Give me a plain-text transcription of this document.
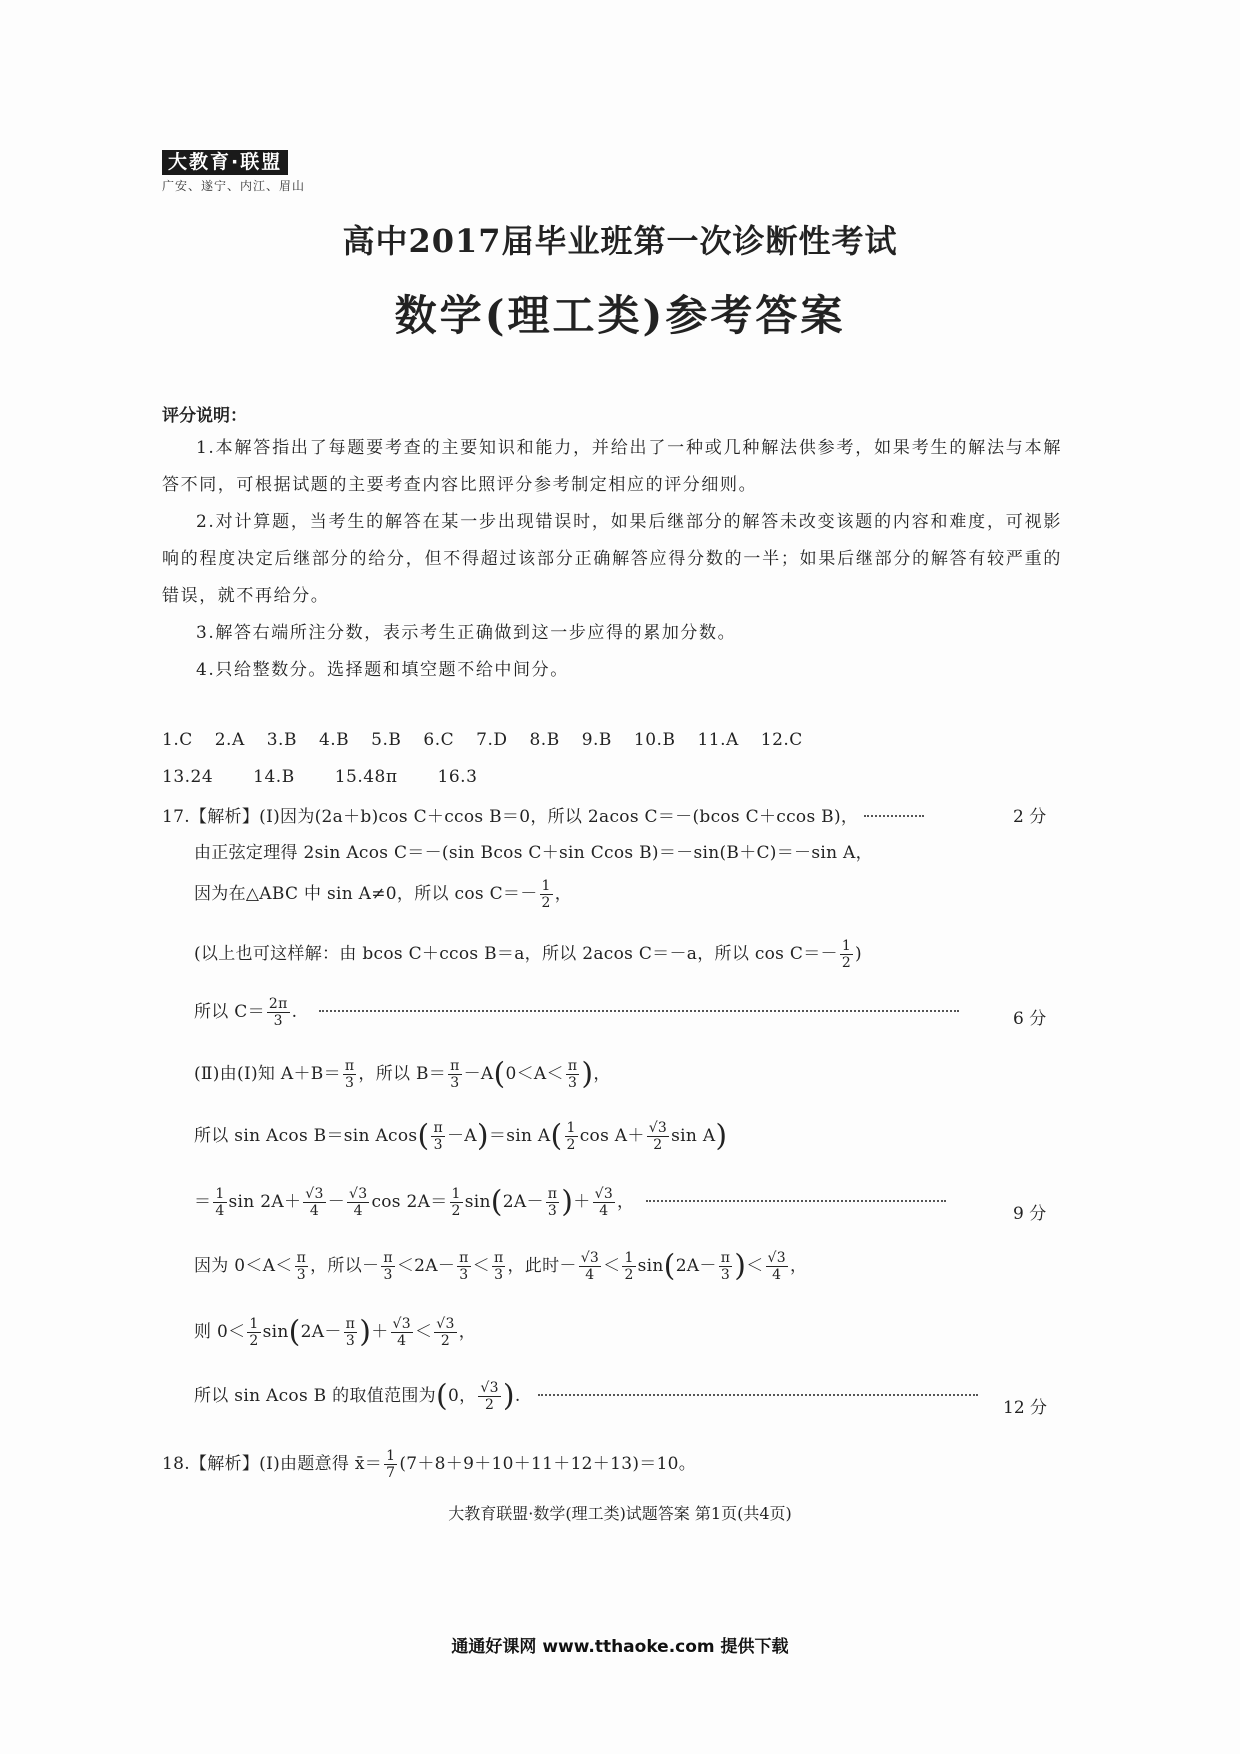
大教育·联盟
广安、遂宁、内江、眉山
高中2017届毕业班第一次诊断性考试
数学(理工类)参考答案
评分说明：
1.本解答指出了每题要考查的主要知识和能力，并给出了一种或几种解法供参考，如果考生的解法与本解答不同，可根据试题的主要考查内容比照评分参考制定相应的评分细则。
2.对计算题，当考生的解答在某一步出现错误时，如果后继部分的解答未改变该题的内容和难度，可视影响的程度决定后继部分的给分，但不得超过该部分正确解答应得分数的一半；如果后继部分的解答有较严重的错误，就不再给分。
3.解答右端所注分数，表示考生正确做到这一步应得的累加分数。
4.只给整数分。选择题和填空题不给中间分。
1.C 2.A 3.B 4.B 5.B 6.C 7.D 8.B 9.B 10.B 11.A 12.C
13.24 14.B 15.48π 16.3
17.【解析】(Ⅰ)因为(2a＋b)cos C＋ccos B＝0，所以 2acos C＝－(bcos C＋ccos B)，	2 分
由正弦定理得 2sin Acos C＝－(sin Bcos C＋sin Ccos B)＝－sin(B＋C)＝－sin A，
因为在△ABC 中 sin A≠0，所以 $\cos C=- \frac{1}{2}$ ，
(以上也可这样解：由 bcos C＋ccos B＝a，所以 2acos C＝－a，所以 $\cos C=- \frac{1}{2}$ )
所以 $C= \frac{2\pi}{3}$ .	6 分
(Ⅱ)由(Ⅰ)知 $A+B= \frac{\pi}{3}$ ，所以 $B= \frac{\pi}{3} -A(0<A< \frac{\pi}{3}$ )，
所以 sin Acos B＝sin $Acos( \frac{\pi}{3} -A)=\sin$ $A( \frac{1}{2}$ $\cos A+ \frac{√3}{2}$ sin A)
＝ $\frac{1}{4}$ $\sin 2A+ \frac{√3}{4} - \frac{√3}{4}$ $\cos 2A= \frac{1}{2} \sin(2A- \frac{\pi}{3}$ )＋ $\frac{√3}{4}$ ，
9 分
因为 $0<A< \frac{\pi}{3}$ ，所以－ $\frac{\pi}{3} <2A- \frac{\pi}{3} < \frac{\pi}{3}$ ，此时－ $\frac{√3}{4} < \frac{1}{2} \sin(2A- \frac{\pi}{3}$ )＜ $\frac{√3}{4}$ ，
则 $0< \frac{1}{2} \sin(2A- \frac{\pi}{3}$ )＋ $\frac{√3}{4} < \frac{√3}{2}$ ，
所以 sin Acos B 的取值范围为(0， $\frac{√3}{2}$ ).
12 分
18.【解析】(Ⅰ)由题意得 x̄＝ $\frac{1}{7} (7+8+9+10+11+12+13)=10$。
大教育联盟·数学(理工类)试题答案 第1页(共4页)
通通好课网 www.tthaoke.com 提供下载
